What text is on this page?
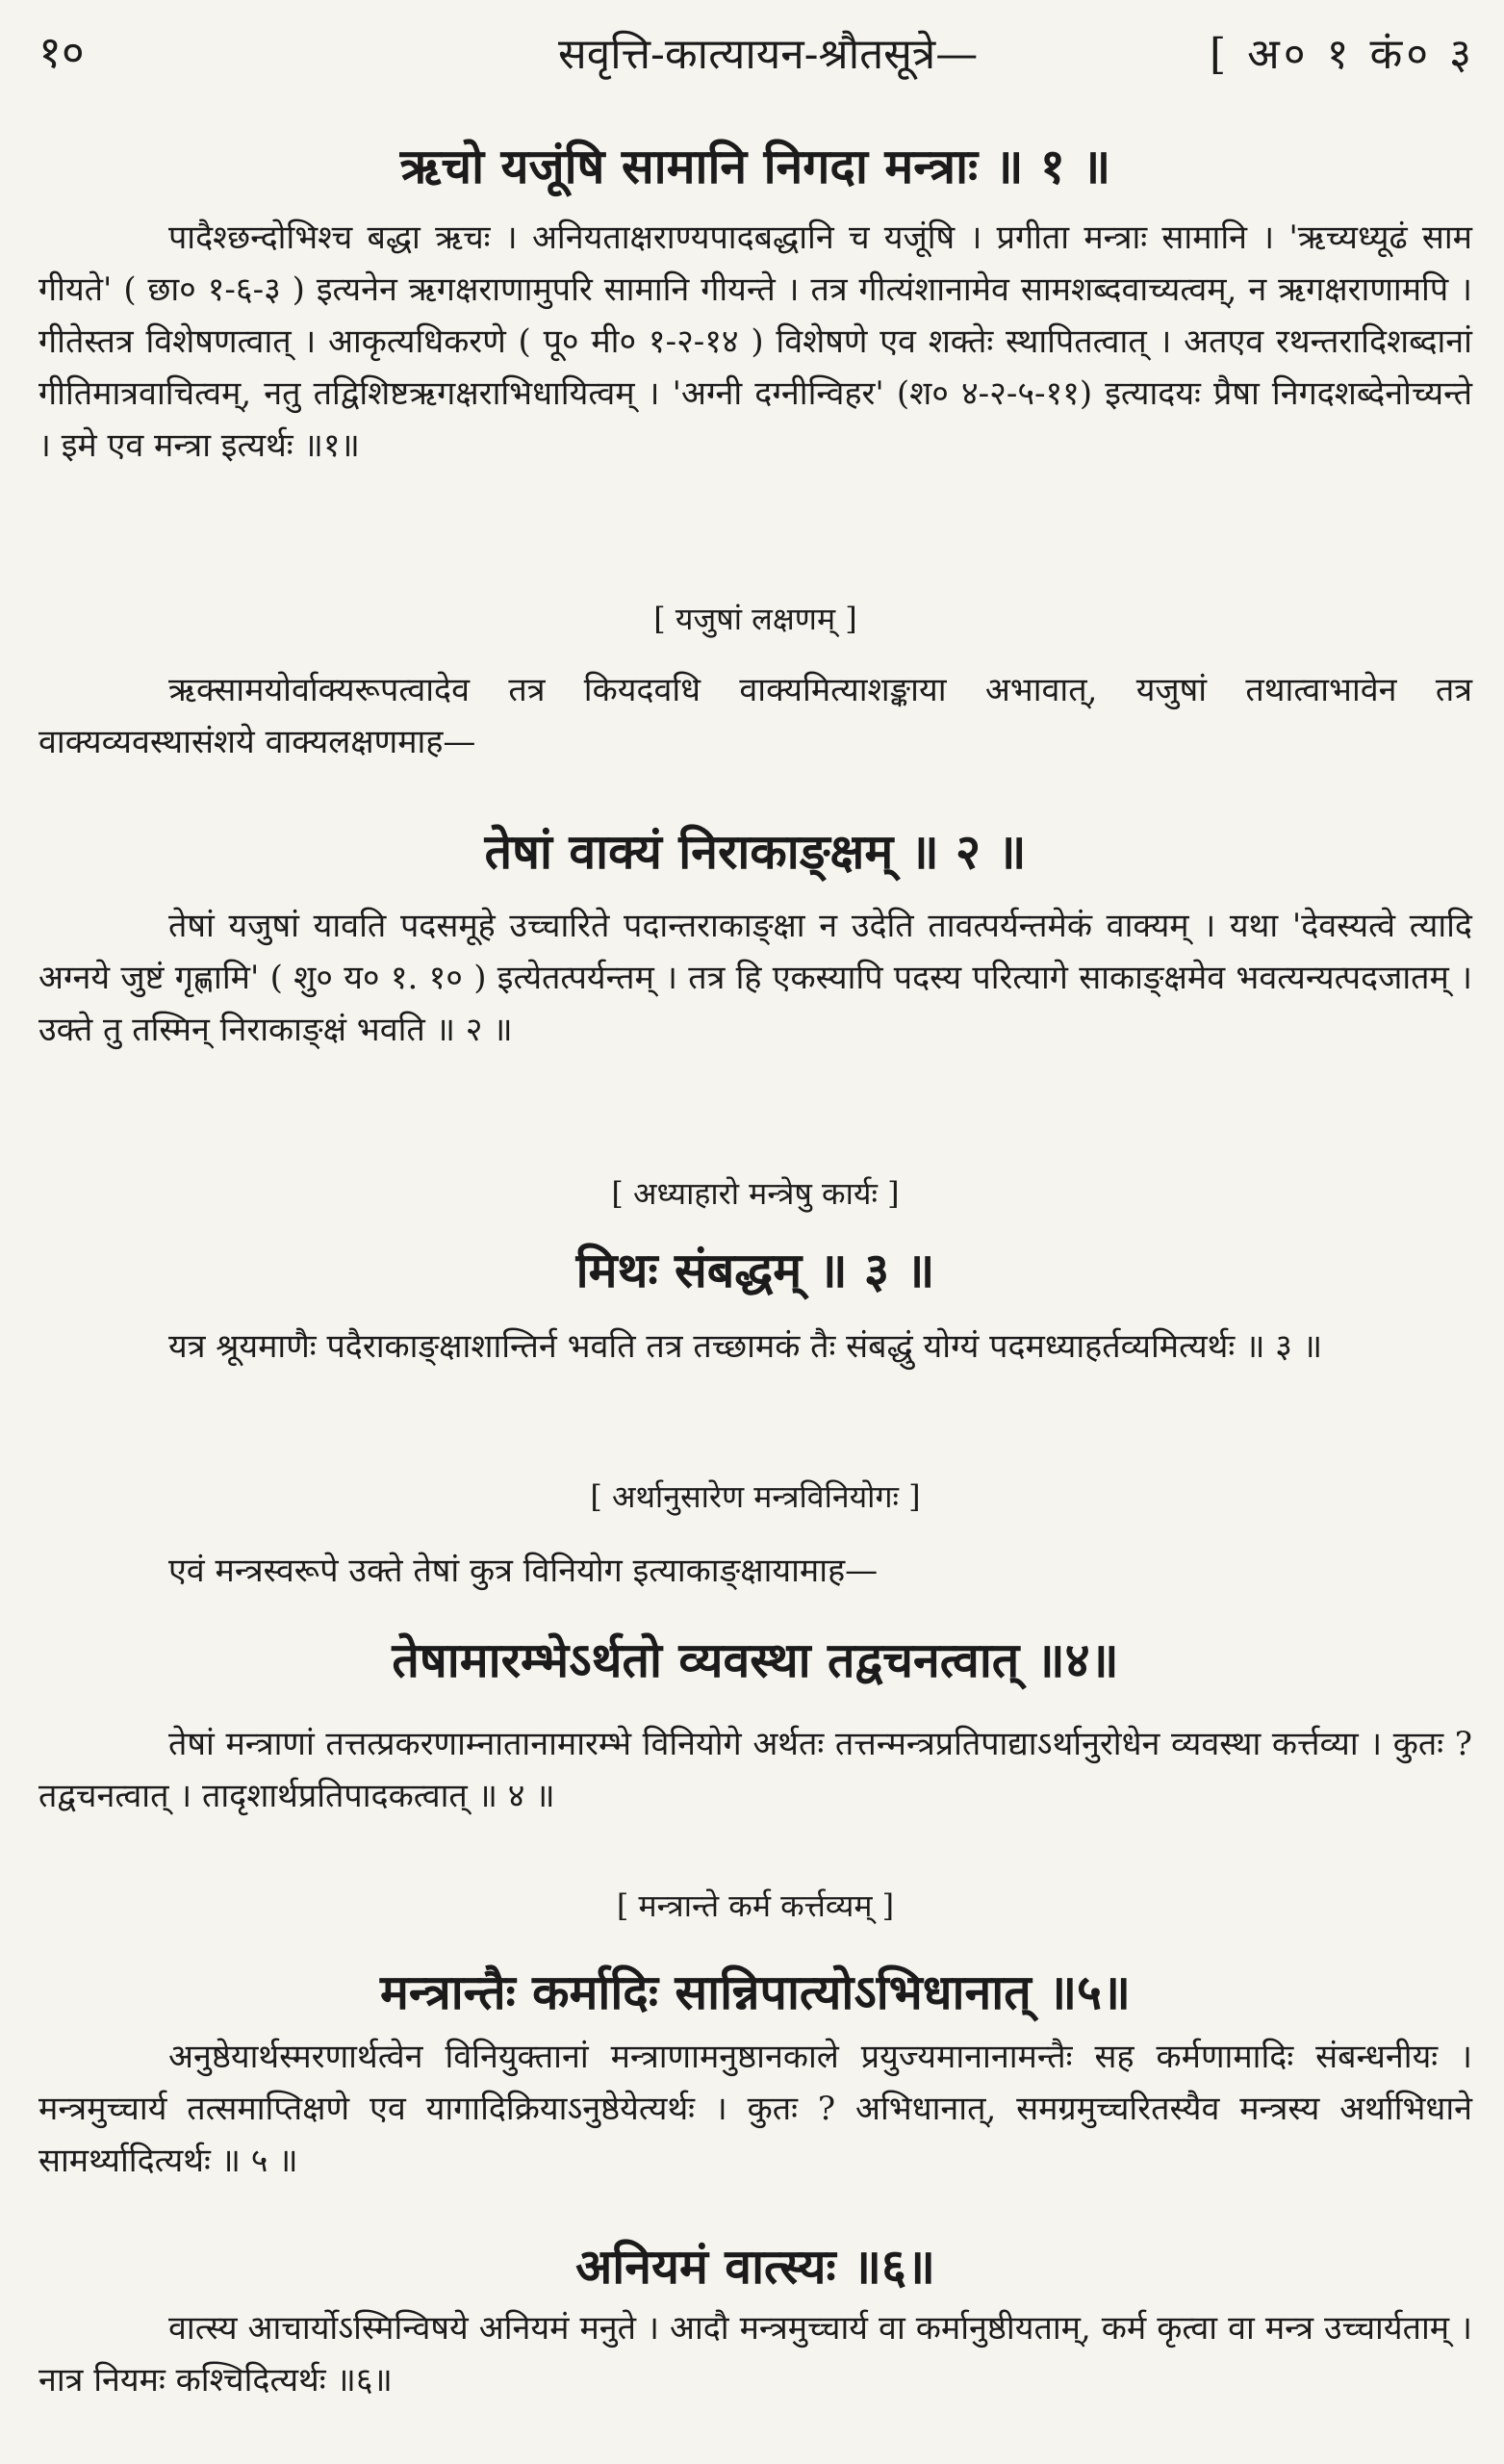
१०	सवृत्ति-कात्यायन-श्रौतसूत्रे—	[ अ० १ कं० ३
ऋचो यजूंषि सामानि निगदा मन्त्राः ॥ १ ॥
पादैश्छन्दोभिश्च बद्धा ऋचः । अनियताक्षराण्यपादबद्धानि च यजूंषि । प्रगीता मन्त्राः सामानि । 'ऋच्यध्यूढं साम गीयते' ( छा० १-६-३ ) इत्यनेन ऋगक्षराणामुपरि सामानि गीयन्ते । तत्र गीत्यंशानामेव सामशब्दवाच्यत्वम्, न ऋगक्षराणामपि । गीतेस्तत्र विशेषणत्वात् । आकृत्यधिकरणे ( पू० मी० १-२-१४ ) विशेषणे एव शक्तेः स्थापितत्वात् । अतएव रथन्तरादिशब्दानां गीतिमात्रवाचित्वम्, नतु तद्विशिष्टऋगक्षराभिधायित्वम् । 'अग्नी दग्नीन्विहर' (श० ४-२-५-११) इत्यादयः प्रैषा निगदशब्देनोच्यन्ते । इमे एव मन्त्रा इत्यर्थः ॥१॥
[ यजुषां लक्षणम् ]
ऋक्सामयोर्वाक्यरूपत्वादेव तत्र कियदवधि वाक्यमित्याशङ्काया अभावात्, यजुषां तथात्वाभावेन तत्र वाक्यव्यवस्थासंशये वाक्यलक्षणमाह—
तेषां वाक्यं निराकाङ्क्षम् ॥ २ ॥
तेषां यजुषां यावति पदसमूहे उच्चारिते पदान्तराकाङ्क्षा न उदेति तावत्पर्यन्तमेकं वाक्यम् । यथा 'देवस्यत्वे त्यादि अग्नये जुष्टं गृह्णामि' ( शु० य० १. १० ) इत्येतत्पर्यन्तम् । तत्र हि एकस्यापि पदस्य परित्यागे साकाङ्क्षमेव भवत्यन्यत्पदजातम् । उक्ते तु तस्मिन् निराकाङ्क्षं भवति ॥ २ ॥
[ अध्याहारो मन्त्रेषु कार्यः ]
मिथः संबद्धम् ॥ ३ ॥
यत्र श्रूयमाणैः पदैराकाङ्क्षाशान्तिर्न भवति तत्र तच्छामकं तैः संबद्धुं योग्यं पदमध्याहर्तव्यमित्यर्थः ॥ ३ ॥
[ अर्थानुसारेण मन्त्रविनियोगः ]
एवं मन्त्रस्वरूपे उक्ते तेषां कुत्र विनियोग इत्याकाङ्क्षायामाह—
तेषामारम्भेऽर्थतो व्यवस्था तद्वचनत्वात् ॥४॥
तेषां मन्त्राणां तत्तत्प्रकरणाम्नातानामारम्भे विनियोगे अर्थतः तत्तन्मन्त्रप्रतिपाद्याऽर्थानुरोधेन व्यवस्था कर्त्तव्या । कुतः ? तद्वचनत्वात् । तादृशार्थप्रतिपादकत्वात् ॥ ४ ॥
[ मन्त्रान्ते कर्म कर्त्तव्यम् ]
मन्त्रान्तैः कर्मादिः सान्निपात्योऽभिधानात् ॥५॥
अनुष्ठेयार्थस्मरणार्थत्वेन विनियुक्तानां मन्त्राणामनुष्ठानकाले प्रयुज्यमानानामन्तैः सह कर्मणामादिः संबन्धनीयः । मन्त्रमुच्चार्य तत्समाप्तिक्षणे एव यागादिक्रियाऽनुष्ठेयेत्यर्थः । कुतः ? अभिधानात्, समग्रमुच्चरितस्यैव मन्त्रस्य अर्थाभिधाने सामर्थ्यादित्यर्थः ॥ ५ ॥
अनियमं वात्स्यः ॥६॥
वात्स्य आचार्योऽस्मिन्विषये अनियमं मनुते । आदौ मन्त्रमुच्चार्य वा कर्मानुष्ठीयताम्, कर्म कृत्वा वा मन्त्र उच्चार्यताम् । नात्र नियमः कश्चिदित्यर्थः ॥६॥
